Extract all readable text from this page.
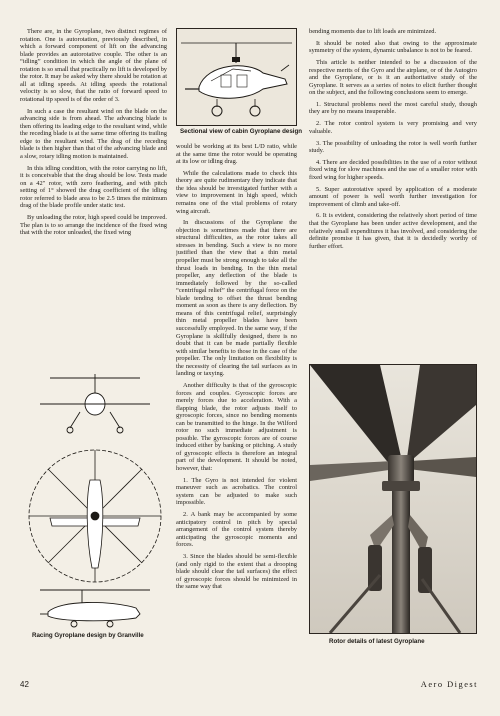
There are, in the Gyroplane, two distinct regimes of rotation. One is autorotation, previously described, in which a forward component of lift on the advancing blade provides an autorotative couple. The other is an “idling” condition in which the angle of the plane of rotation is so small that practically no lift is developed by the rotor. It may be asked why there should be rotation at all at idling speeds. At idling speeds the rotational velocity is so slow, that the ratio of forward speed to rotational tip speed is of the order of 3.

In such a case the resultant wind on the blade on the advancing side is from ahead. The advancing blade is then offering its leading edge to the resultant wind, while the receding blade is at the same time offering its trailing edge to the resultant wind. The drag of the receding blade is then higher than that of the advancing blade and a slow, rotary idling motion is maintained.

In this idling condition, with the rotor carrying no lift, it is conceivable that the drag should be low. Tests made on a 42" rotor, with zero feathering, and with pitch setting of 1° showed the drag coefficient of the idling rotor referred to blade area to be 2.5 times the minimum drag of the blade profile under static test.

By unloading the rotor, high speed could be improved. The plan is to so arrange the incidence of the fixed wing that with the rotor unloaded, the fixed wing

Sectional view of cabin Gyroplane design

would be working at its best L/D ratio, while at the same time the rotor would be operating at its low or idling drag.

While the calculations made to check this theory are quite rudimentary they indicate that the idea should be investigated further with a view to improvement in high speed, which remains one of the vital problems of rotary wing aircraft.

In discussions of the Gyroplane the objection is sometimes made that there are structural difficulties, as the rotor takes all stresses in bending. Such a view is no more justified than the view that a thin metal propeller must be strong enough to take all the thrust loads in bending. In the thin metal propeller, any deflection of the blade is immediately followed by the so-called “centrifugal relief” the centrifugal force on the blade tending to offset the thrust bending moment as soon as there is any deflection. By means of this centrifugal relief, surprisingly thin metal propeller blades have been successfully employed. In the same way, if the Gyroplane is skillfully designed, there is no doubt that it can be made partially flexible with similar benefits to those in the case of the propeller. The only limitation on flexibility is the necessity of clearing the tail surfaces as in landing or taxying.

Another difficulty is that of the gyroscopic forces and couples. Gyroscopic forces are merely forces due to acceleration. With a flapping blade, the rotor adjusts itself to gyroscopic forces, since no bending moments can be transmitted to the hinge. In the Wilford rotor no such immediate adjustment is possible. The gyroscopic forces are of course induced either by banking or pitching. A study of gyroscopic effects is therefore an integral part of the development. It should be noted, however, that:

1. The Gyro is not intended for violent maneuver such as acrobatics. The control system can be adjusted to make such impossible.

2. A bank may be accompanied by some anticipatory control in pitch by special arrangement of the control system thereby anticipating the gyroscopic moments and forces.

3. Since the blades should be semi-flexible (and only rigid to the extent that a drooping blade should clear the tail surfaces) the effect of gyroscopic forces should be minimized in the same way that

bending moments due to lift loads are minimized.

It should be noted also that owing to the approximate symmetry of the system, dynamic unbalance is not to be feared.

This article is neither intended to be a discussion of the respective merits of the Gyro and the airplane, or of the Autogiro and the Gyroplane, or is it an authoritative study of the Gyroplane. It serves as a series of notes to elicit further thought on the subject, and the following conclusions seem to emerge.

1. Structural problems need the most careful study, though they are by no means insuperable.

2. The rotor control system is very promising and very valuable.

3. The possibility of unloading the rotor is well worth further study.

4. There are decided possibilities in the use of a rotor without fixed wing for slow machines and the use of a smaller rotor with fixed wing for higher speeds.

5. Super autorotative speed by application of a moderate amount of power is well worth further investigation for improvement of climb and take-off.

6. It is evident, considering the relatively short period of time that the Gyroplane has been under active development, and the relatively small expenditures it has involved, and considering the definite promise it has given, that it is decidedly worthy of further effort.

Racing Gyroplane design by Granville
Rotor details of latest Gyroplane
42	Aero Digest
